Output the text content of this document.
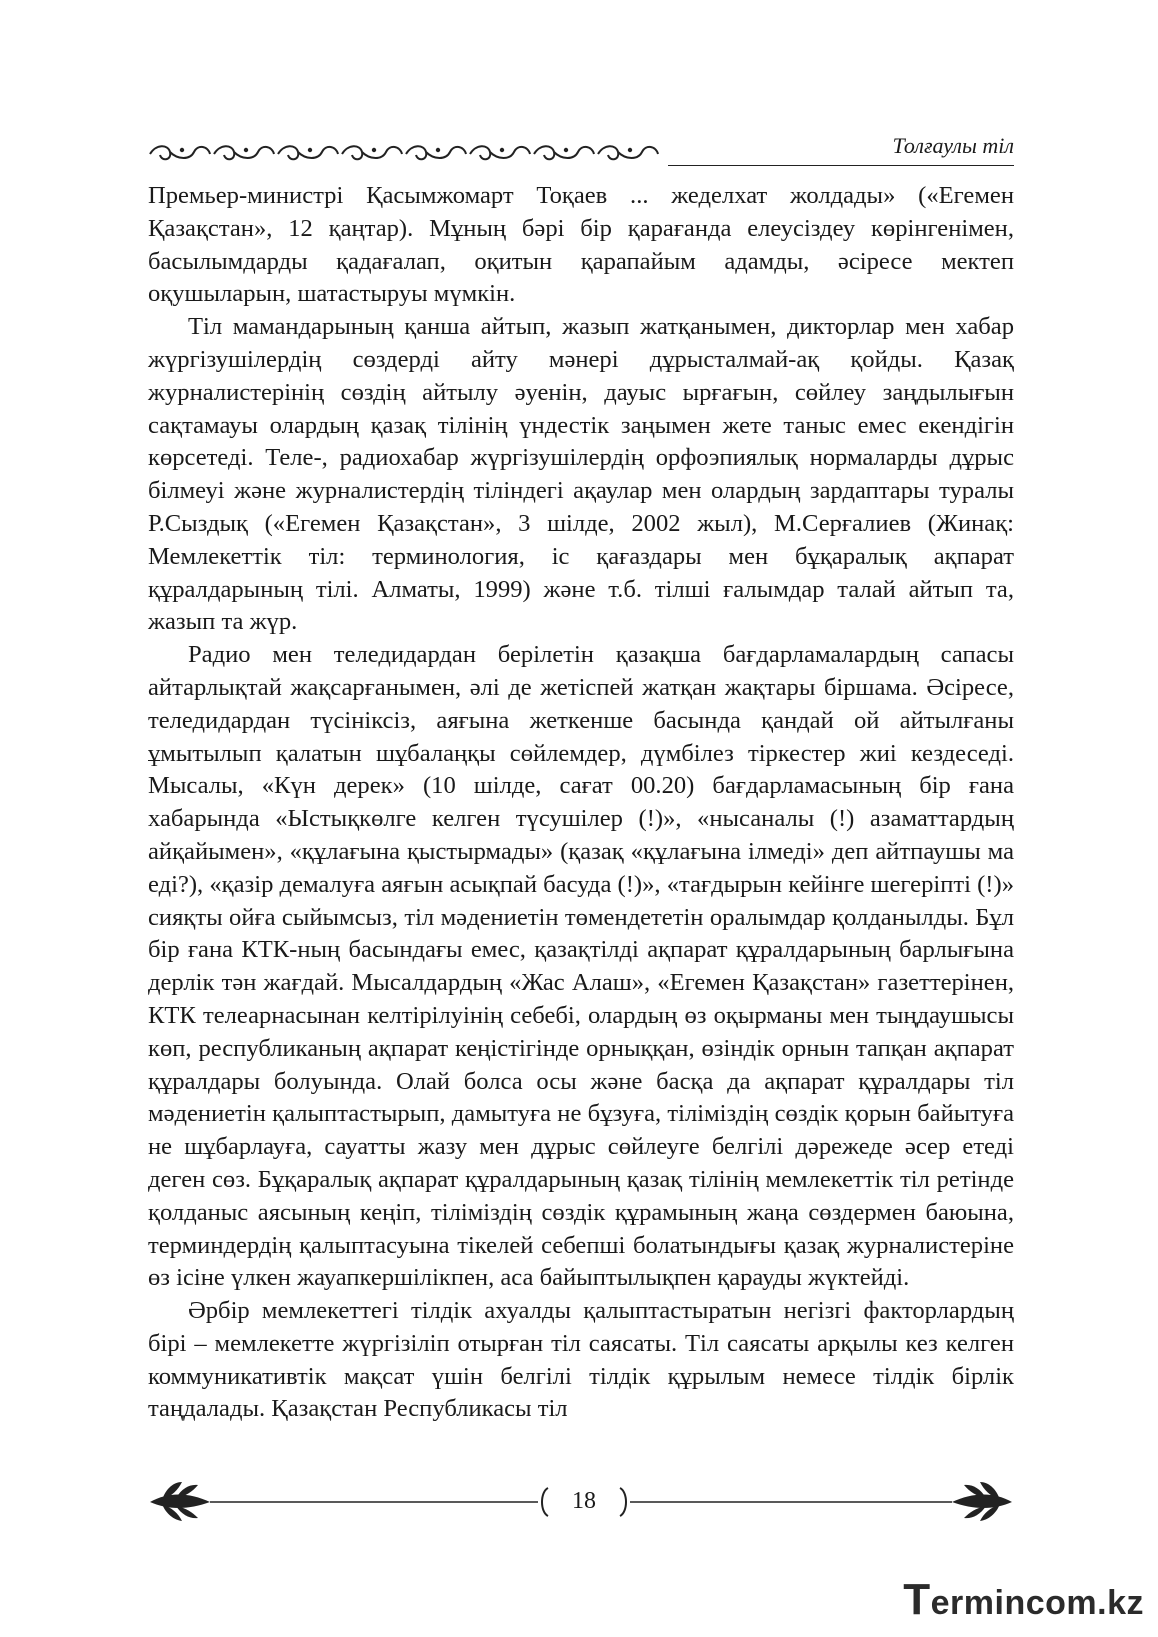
Толғаулы тіл

Премьер-министрі Қасымжомарт Тоқаев ... жеделхат жолдады» («Егемен Қазақстан», 12 қаңтар). Мұның бәрі бір қарағанда елеусіздеу көрінгенімен, басылымдарды қадағалап, оқитын қарапайым адамды, әсіресе мектеп оқушыларын, шатастыруы мүмкін.

Тіл мамандарының қанша айтып, жазып жатқанымен, дикторлар мен хабар жүргізушілердің сөздерді айту мәнері дұрысталмай-ақ қойды. Қазақ журналистерінің сөздің айтылу әуенін, дауыс ырғағын, сөйлеу заңдылығын сақтамауы олардың қазақ тілінің үндестік заңымен жете таныс емес екендігін көрсетеді. Теле-, радиохабар жүргізушілердің орфоэпиялық нормаларды дұрыс білмеуі және журналистердің тіліндегі ақаулар мен олардың зардаптары туралы Р.Сыздық («Егемен Қазақстан», 3 шілде, 2002 жыл), М.Серғалиев (Жинақ: Мемлекеттік тіл: терминология, іс қағаздары мен бұқаралық ақпарат құралдарының тілі. Алматы, 1999) және т.б. тілші ғалымдар талай айтып та, жазып та жүр.

Радио мен теледидардан берілетін қазақша бағдарламалардың сапасы айтарлықтай жақсарғанымен, әлі де жетіспей жатқан жақтары біршама. Әсіресе, теледидардан түсініксіз, аяғына жеткенше басында қандай ой айтылғаны ұмытылып қалатын шұбалаңқы сөйлемдер, дүмбілез тіркестер жиі кездеседі. Мысалы, «Күн дерек» (10 шілде, сағат 00.20) бағдарламасының бір ғана хабарында «Ыстықкөлге келген түсушілер (!)», «нысаналы (!) азаматтардың айқайымен», «құлағына қыстырмады» (қазақ «құлағына ілмеді» деп айтпаушы ма еді?), «қазір демалуға аяғын асықпай басуда (!)», «тағдырын кейінге шегеріпті (!)» сияқты ойға сыйымсыз, тіл мәдениетін төмендететін оралымдар қолданылды. Бұл бір ғана КТК-ның басындағы емес, қазақтілді ақпарат құралдарының барлығына дерлік тән жағдай. Мысалдардың «Жас Алаш», «Егемен Қазақстан» газеттерінен, КТК телеарнасынан келтірілуінің себебі, олардың өз оқырманы мен тыңдаушысы көп, республиканың ақпарат кеңістігінде орныққан, өзіндік орнын тапқан ақпарат құралдары болуында. Олай болса осы және басқа да ақпарат құралдары тіл мәдениетін қалыптастырып, дамытуға не бұзуға, тіліміздің сөздік қорын байытуға не шұбарлауға, сауатты жазу мен дұрыс сөйлеуге белгілі дәрежеде әсер етеді деген сөз. Бұқаралық ақпарат құралдарының қазақ тілінің мемлекеттік тіл ретінде қолданыс аясының кеңіп, тіліміздің сөздік құрамының жаңа сөздермен баюына, терминдердің қалыптасуына тікелей себепші болатындығы қазақ журналистеріне өз ісіне үлкен жауапкершілікпен, аса байыптылықпен қарауды жүктейді.

Әрбір мемлекеттегі тілдік ахуалды қалыптастыратын негізгі факторлардың бірі – мемлекетте жүргізіліп отырған тіл саясаты. Тіл саясаты арқылы кез келген коммуникативтік мақсат үшін белгілі тілдік құрылым немесе тілдік бірлік таңдалады. Қазақстан Республикасы тіл

18
Termincom.kz
